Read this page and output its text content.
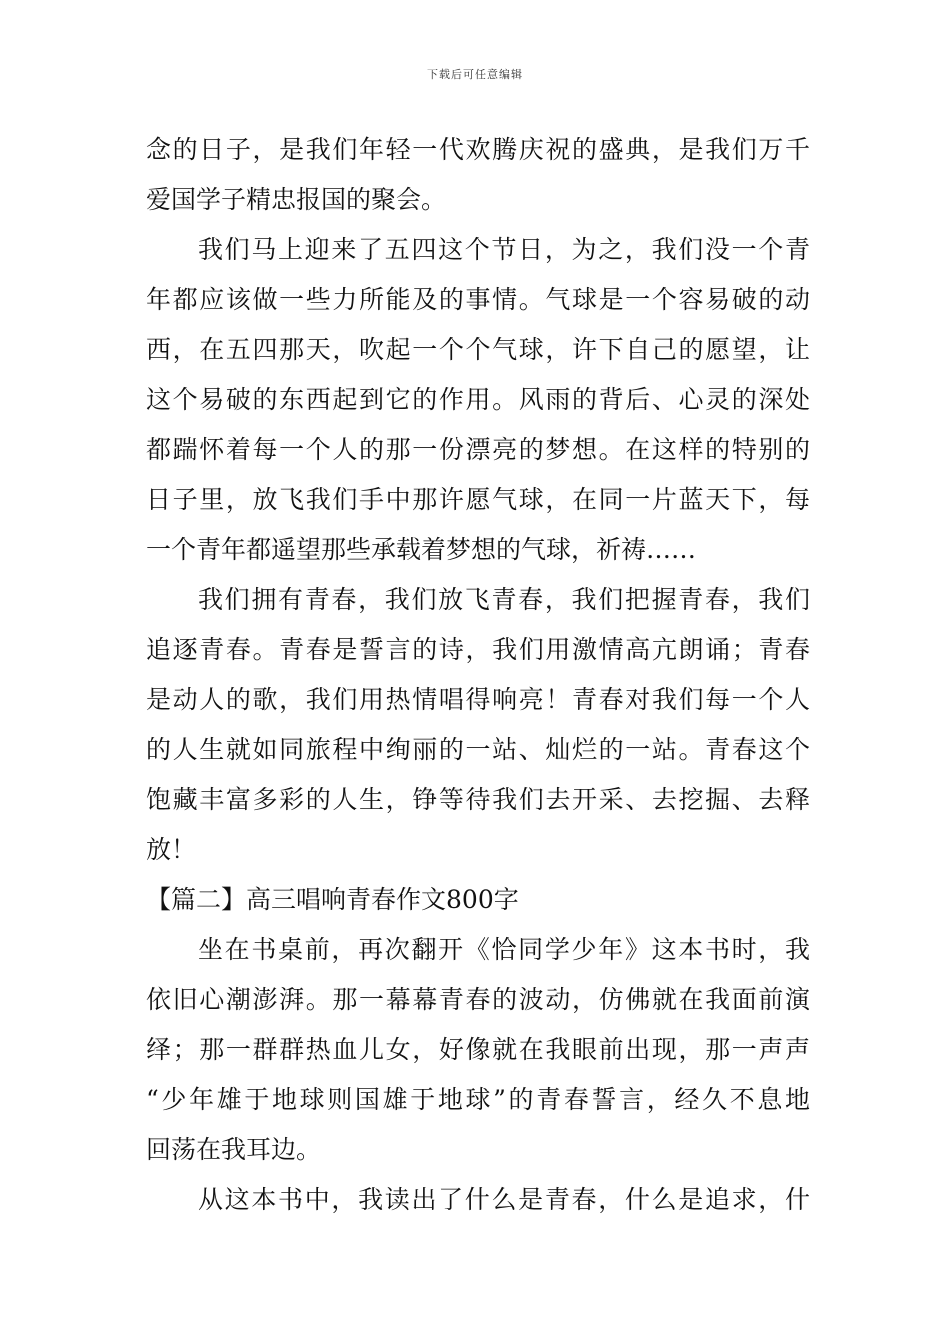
下载后可任意编辑
念的日子，是我们年轻一代欢腾庆祝的盛典，是我们万千
爱国学子精忠报国的聚会。
我们马上迎来了五四这个节日，为之，我们没一个青
年都应该做一些力所能及的事情。气球是一个容易破的动
西，在五四那天，吹起一个个气球，许下自己的愿望，让
这个易破的东西起到它的作用。风雨的背后、心灵的深处
都踹怀着每一个人的那一份漂亮的梦想。在这样的特别的
日子里，放飞我们手中那许愿气球，在同一片蓝天下，每
一个青年都遥望那些承载着梦想的气球，祈祷……
我们拥有青春，我们放飞青春，我们把握青春，我们
追逐青春。青春是誓言的诗，我们用激情高亢朗诵；青春
是动人的歌，我们用热情唱得响亮！青春对我们每一个人
的人生就如同旅程中绚丽的一站、灿烂的一站。青春这个
饱藏丰富多彩的人生，铮等待我们去开采、去挖掘、去释
放！
【篇二】高三唱响青春作文800字
坐在书桌前，再次翻开《恰同学少年》这本书时，我
依旧心潮澎湃。那一幕幕青春的波动，仿佛就在我面前演
绎；那一群群热血儿女，好像就在我眼前出现，那一声声
“少年雄于地球则国雄于地球”的青春誓言，经久不息地
回荡在我耳边。
从这本书中，我读出了什么是青春，什么是追求，什
